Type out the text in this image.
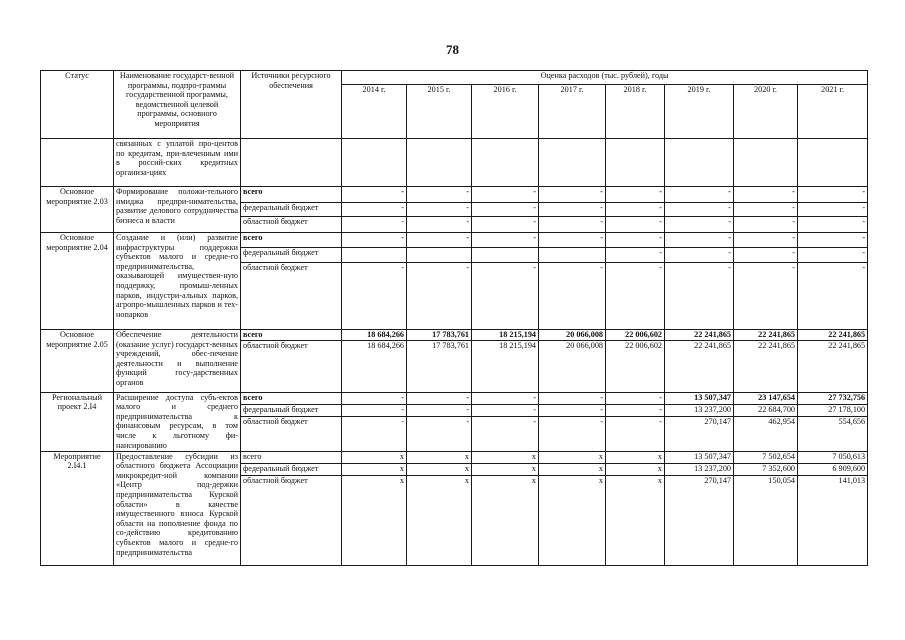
78
Статус	Наименование государст-венной программы, подпро-граммы государственной программы, ведомственной целевой программы, основного мероприятия	Источники ресурсного обеспечения	Оценка расходов (тыс. рублей), годы							
			2014 г.	2015 г.	2016 г.	2017 г.	2018 г.	2019 г.	2020 г.	2021 г.
	связанных с уплатой про-центов по кредитам, при-влеченным ими в россий-ских кредитных организа-циях									
Основное мероприятие 2.03	Формирование положи-тельного имиджа предпри-нимательства, развитие делового сотрудничества бизнеса и власти	всего	-	-	-	-	-	-	-	-
		федеральный бюджет	-	-	-	-	-	-	-	-
		областной бюджет	-	-	-	-	-	-	-	-
Основное мероприятие 2.04	Создание и (или) развитие инфраструктуры поддержки субъектов малого и средне-го предпринимательства, оказывающей имуществен-ную поддержку, промыш-ленных парков, индустри-альных парков, агропро-мышленных парков и тех-нопарков	всего	-	-	-	-	-	-	-	-
		федеральный бюджет					-	-	-	-
		областной бюджет	-	-	-	-	-	-	-	-
Основное мероприятие 2.05	Обеспечение деятельности (оказание услуг) государст-венных учреждений, обес-печение деятельности и выполнение функций госу-дарственных органов	всего	18 684,266	17 783,761	18 215,194	20 066,008	22 006,602	22 241,865	22 241,865	22 241,865
		областной бюджет	18 684,266	17 783,761	18 215,194	20 066,008	22 006,602	22 241,865	22 241,865	22 241,865
Региональный проект 2.I4	Расширение доступа субъ-ектов малого и среднего предпринимательства к финансовым ресурсам, в том числе к льготному фи-нансированию	всего	-	-	-	-	-	13 507,347	23 147,654	27 732,756
		федеральный бюджет	-	-	-	-	-	13 237,200	22 684,700	27 178,100
		областной бюджет	-	-	-	-	-	270,147	462,954	554,656
Мероприятие 2.I4.1	Предоставление субсидии из областного бюджета Ассоциации микрокредит-ной компании «Центр под-держки предпринимательства Курской области» в качестве имущественного взноса Курской области на пополнение фонда по со-действию кредитованию субъектов малого и средне-го предпринимательства	всего	x	x	x	x	x	13 507,347	7 502,654	7 050,613
		федеральный бюджет	x	x	x	x	x	13 237,200	7 352,600	6 909,600
		областной бюджет	x	x	x	x	x	270,147	150,054	141,013
